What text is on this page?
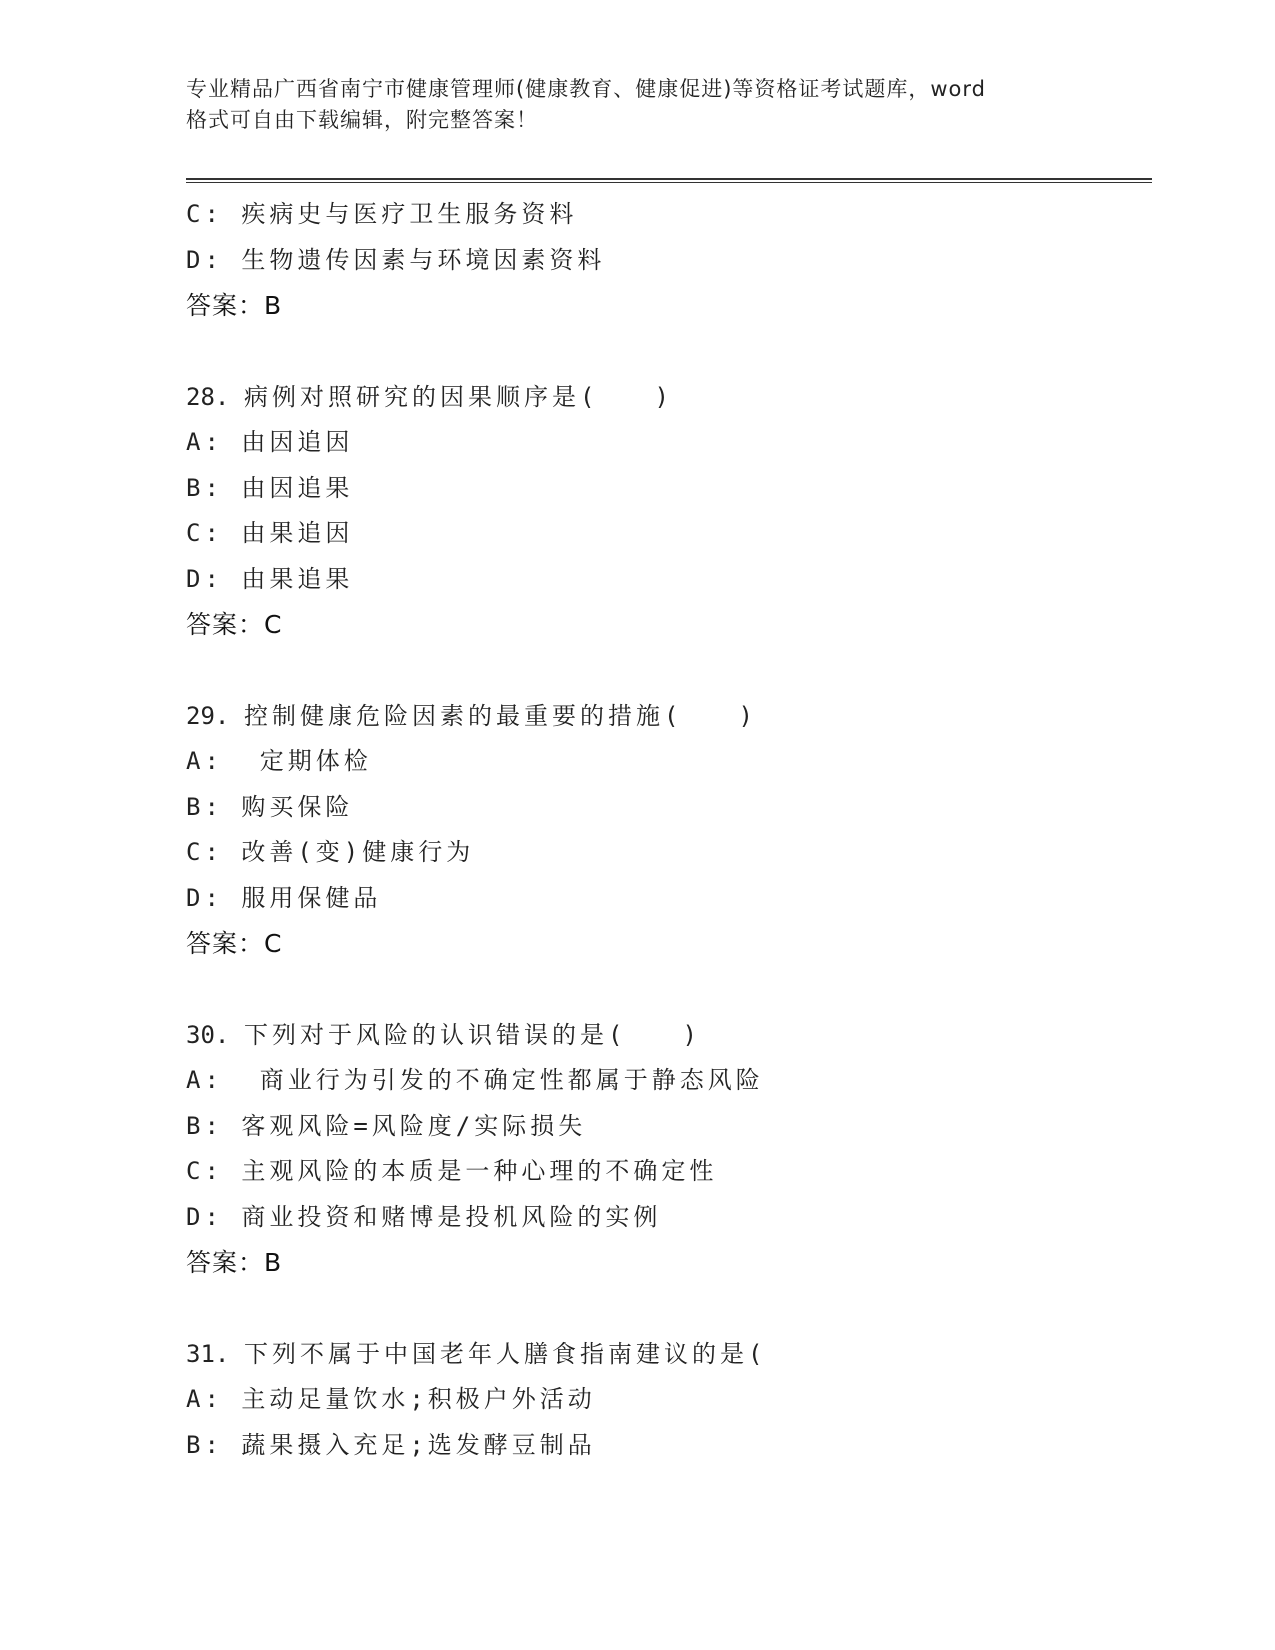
专业精品广西省南宁市健康管理师(健康教育、健康促进)等资格证考试题库，word
格式可自由下载编辑，附完整答案！
C: 疾病史与医疗卫生服务资料
D: 生物遗传因素与环境因素资料
答案：B
28. 病例对照研究的因果顺序是(　　)
A: 由因追因
B: 由因追果
C: 由果追因
D: 由果追果
答案：C
29. 控制健康危险因素的最重要的措施(　　)
A:  定期体检
B: 购买保险
C: 改善(变)健康行为
D: 服用保健品
答案：C
30. 下列对于风险的认识错误的是(　　)
A:  商业行为引发的不确定性都属于静态风险
B: 客观风险=风险度/实际损失
C: 主观风险的本质是一种心理的不确定性
D: 商业投资和赌博是投机风险的实例
答案：B
31. 下列不属于中国老年人膳食指南建议的是(
A: 主动足量饮水;积极户外活动
B: 蔬果摄入充足;选发酵豆制品
